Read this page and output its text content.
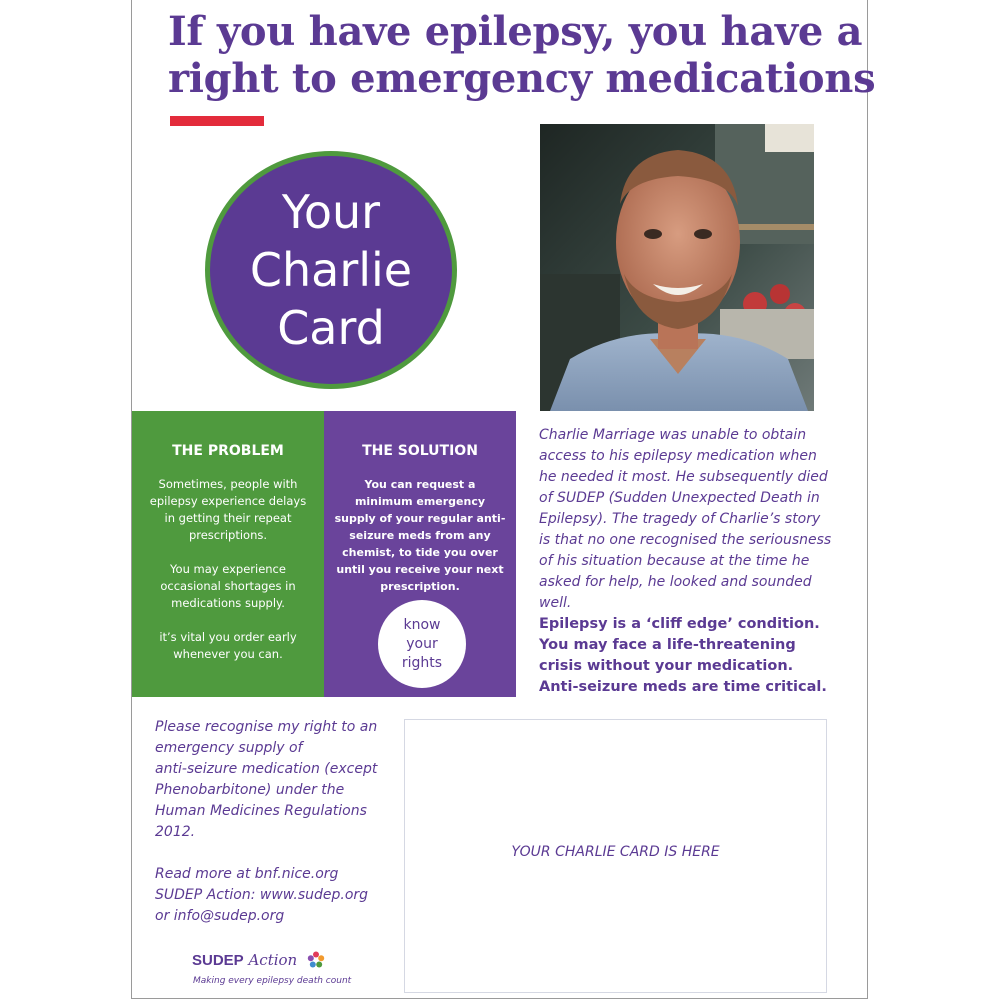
If you have epilepsy, you have a
right to emergency medications
Your
Charlie
Card
THE PROBLEM

Sometimes, people with epilepsy experience delays in getting their repeat prescriptions.

You may experience occasional shortages in medications supply.

it’s vital you order early whenever you can.

THE SOLUTION
You can request a minimum emergency supply of your regular anti-seizure meds from any chemist, to tide you over until you receive your next prescription.
know
your
rights
Charlie Marriage was unable to obtain access to his epilepsy medication when he needed it most. He subsequently died of SUDEP (Sudden Unexpected Death in Epilepsy). The tragedy of Charlie’s story is that no one recognised the seriousness of his situation because at the time he asked for help, he looked and sounded well.
Epilepsy is a ‘cliff edge’ condition. You may face a life-threatening crisis without your medication. Anti-seizure meds are time critical.
Please recognise my right to an
emergency supply of
anti-seizure medication (except
Phenobarbitone) under the
Human Medicines Regulations
2012.
Read more at bnf.nice.org
SUDEP Action: www.sudep.org
or info@sudep.org
SUDEP Action
Making every epilepsy death count
YOUR CHARLIE CARD IS HERE
